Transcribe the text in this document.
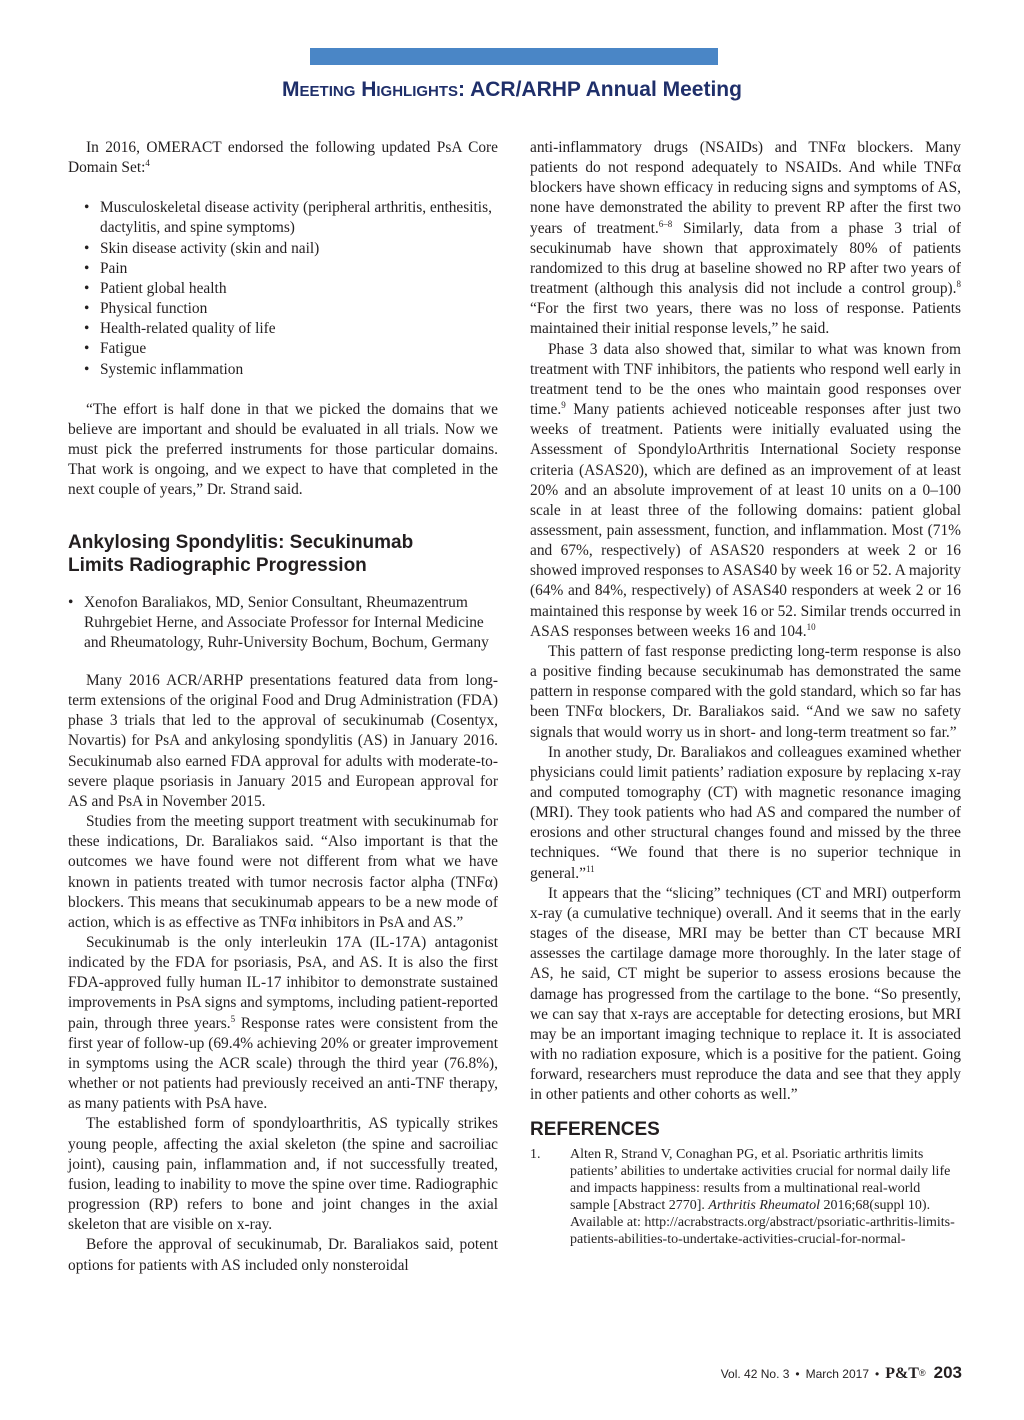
Meeting Highlights: ACR/ARHP Annual Meeting

In 2016, OMERACT endorsed the following updated PsA Core Domain Set:$^4$

• Musculoskeletal disease activity (peripheral arthritis, enthesitis, dactylitis, and spine symptoms)
• Skin disease activity (skin and nail)
• Pain
• Patient global health
• Physical function
• Health-related quality of life
• Fatigue
• Systemic inflammation

“The effort is half done in that we picked the domains that we believe are important and should be evaluated in all trials. Now we must pick the preferred instruments for those particular domains. That work is ongoing, and we expect to have that completed in the next couple of years,” Dr. Strand said.

Ankylosing Spondylitis: Secukinumab
Limits Radiographic Progression
• Xenofon Baraliakos, MD, Senior Consultant, Rheumazentrum Ruhrgebiet Herne, and Associate Professor for Internal Medicine and Rheumatology, Ruhr-University Bochum, Bochum, Germany

Many 2016 ACR/ARHP presentations featured data from long-term extensions of the original Food and Drug Administration (FDA) phase 3 trials that led to the approval of secukinumab (Cosentyx, Novartis) for PsA and ankylosing spondylitis (AS) in January 2016. Secukinumab also earned FDA approval for adults with moderate-to-severe plaque psoriasis in January 2015 and European approval for AS and PsA in November 2015.

Studies from the meeting support treatment with secukinumab for these indications, Dr. Baraliakos said. “Also important is that the outcomes we have found were not different from what we have known in patients treated with tumor necrosis factor alpha (TNFα) blockers. This means that secukinumab appears to be a new mode of action, which is as effective as TNFα inhibitors in PsA and AS.”

Secukinumab is the only interleukin 17A (IL-17A) antagonist indicated by the FDA for psoriasis, PsA, and AS. It is also the first FDA-approved fully human IL-17 inhibitor to demonstrate sustained improvements in PsA signs and symptoms, including patient-reported pain, through three years.$^5$ Response rates were consistent from the first year of follow-up (69.4% achieving 20% or greater improvement in symptoms using the ACR scale) through the third year (76.8%), whether or not patients had previously received an anti-TNF therapy, as many patients with PsA have.

The established form of spondyloarthritis, AS typically strikes young people, affecting the axial skeleton (the spine and sacroiliac joint), causing pain, inflammation and, if not successfully treated, fusion, leading to inability to move the spine over time. Radiographic progression (RP) refers to bone and joint changes in the axial skeleton that are visible on x-ray.

Before the approval of secukinumab, Dr. Baraliakos said, potent options for patients with AS included only nonsteroidal

anti-inflammatory drugs (NSAIDs) and TNFα blockers. Many patients do not respond adequately to NSAIDs. And while TNFα blockers have shown efficacy in reducing signs and symptoms of AS, none have demonstrated the ability to prevent RP after the first two years of treatment.$^{6-8}$ Similarly, data from a phase 3 trial of secukinumab have shown that approximately 80% of patients randomized to this drug at baseline showed no RP after two years of treatment (although this analysis did not include a control group).$^8$ “For the first two years, there was no loss of response. Patients maintained their initial response levels,” he said.

Phase 3 data also showed that, similar to what was known from treatment with TNF inhibitors, the patients who respond well early in treatment tend to be the ones who maintain good responses over time.$^9$ Many patients achieved noticeable responses after just two weeks of treatment. Patients were initially evaluated using the Assessment of SpondyloArthritis International Society response criteria (ASAS20), which are defined as an improvement of at least 20% and an absolute improvement of at least 10 units on a 0–100 scale in at least three of the following domains: patient global assessment, pain assessment, function, and inflammation. Most (71% and 67%, respectively) of ASAS20 responders at week 2 or 16 showed improved responses to ASAS40 by week 16 or 52. A majority (64% and 84%, respectively) of ASAS40 responders at week 2 or 16 maintained this response by week 16 or 52. Similar trends occurred in ASAS responses between weeks 16 and 104.10

This pattern of fast response predicting long-term response is also a positive finding because secukinumab has demonstrated the same pattern in response compared with the gold standard, which so far has been TNFα blockers, Dr. Baraliakos said. “And we saw no safety signals that would worry us in short- and long-term treatment so far.”

In another study, Dr. Baraliakos and colleagues examined whether physicians could limit patients’ radiation exposure by replacing x-ray and computed tomography (CT) with magnetic resonance imaging (MRI). They took patients who had AS and compared the number of erosions and other structural changes found and missed by the three techniques. “We found that there is no superior technique in general.”$^{11}$

It appears that the “slicing” techniques (CT and MRI) outperform x-ray (a cumulative technique) overall. And it seems that in the early stages of the disease, MRI may be better than CT because MRI assesses the cartilage damage more thoroughly. In the later stage of AS, he said, CT might be superior to assess erosions because the damage has progressed from the cartilage to the bone. “So presently, we can say that x-rays are acceptable for detecting erosions, but MRI may be an important imaging technique to replace it. It is associated with no radiation exposure, which is a positive for the patient. Going forward, researchers must reproduce the data and see that they apply in other patients and other cohorts as well.”

REFERENCES
1. Alten R, Strand V, Conaghan PG, et al. Psoriatic arthritis limits patients’ abilities to undertake activities crucial for normal daily life and impacts happiness: results from a multinational real-world sample [Abstract 2770]. Arthritis Rheumatol 2016;68(suppl 10). Available at: http://acrabstracts.org/abstract/psoriatic-arthritis-limits-patients-abilities-to-undertake-activities-crucial-for-normal-
Vol. 42 No. 3 • March 2017 • P&T® 203
